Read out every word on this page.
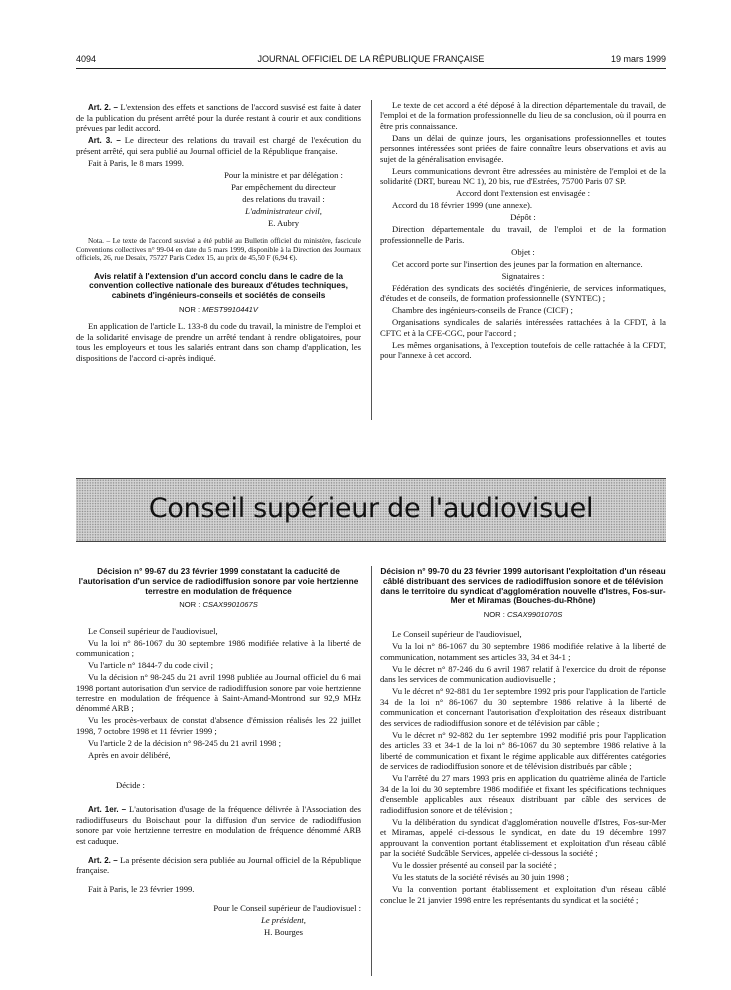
4094	JOURNAL OFFICIEL DE LA RÉPUBLIQUE FRANÇAISE	19 mars 1999

Art. 2. – L'extension des effets et sanctions de l'accord susvisé est faite à dater de la publication du présent arrêté pour la durée restant à courir et aux conditions prévues par ledit accord.

Art. 3. – Le directeur des relations du travail est chargé de l'exécution du présent arrêté, qui sera publié au Journal officiel de la République française.

Fait à Paris, le 8 mars 1999.

Pour la ministre et par délégation :

Par empêchement du directeur

des relations du travail :

L'administrateur civil,

E. Aubry

Nota. – Le texte de l'accord susvisé a été publié au Bulletin officiel du ministère, fascicule Conventions collectives n° 99-04 en date du 5 mars 1999, disponible à la Direction des Journaux officiels, 26, rue Desaix, 75727 Paris Cedex 15, au prix de 45,50 F (6,94 €).

Avis relatif à l'extension d'un accord conclu dans le cadre de la convention collective nationale des bureaux d'études techniques, cabinets d'ingénieurs-conseils et sociétés de conseils
NOR : MESТ9910441V

En application de l'article L. 133-8 du code du travail, la ministre de l'emploi et de la solidarité envisage de prendre un arrêté tendant à rendre obligatoires, pour tous les employeurs et tous les salariés entrant dans son champ d'application, les dispositions de l'accord ci-après indiqué.

Le texte de cet accord a été déposé à la direction départementale du travail, de l'emploi et de la formation professionnelle du lieu de sa conclusion, où il pourra en être pris connaissance.

Dans un délai de quinze jours, les organisations professionnelles et toutes personnes intéressées sont priées de faire connaître leurs observations et avis au sujet de la généralisation envisagée.

Leurs communications devront être adressées au ministère de l'emploi et de la solidarité (DRT, bureau NC 1), 20 bis, rue d'Estrées, 75700 Paris 07 SP.

Accord dont l'extension est envisagée :

Accord du 18 février 1999 (une annexe).

Dépôt :

Direction départementale du travail, de l'emploi et de la formation professionnelle de Paris.

Objet :

Cet accord porte sur l'insertion des jeunes par la formation en alternance.

Signataires :

Fédération des syndicats des sociétés d'ingénierie, de services informatiques, d'études et de conseils, de formation professionnelle (SYNTEC) ;

Chambre des ingénieurs-conseils de France (CICF) ;

Organisations syndicales de salariés intéressées rattachées à la CFDT, à la CFTC et à la CFE-CGC, pour l'accord ;

Les mêmes organisations, à l'exception toutefois de celle rattachée à la CFDT, pour l'annexe à cet accord.

Conseil supérieur de l'audiovisuel
Décision n° 99-67 du 23 février 1999 constatant la caducité de l'autorisation d'un service de radiodiffusion sonore par voie hertzienne terrestre en modulation de fréquence
NOR : CSAX9901067S

Le Conseil supérieur de l'audiovisuel,

Vu la loi n° 86-1067 du 30 septembre 1986 modifiée relative à la liberté de communication ;

Vu l'article n° 1844-7 du code civil ;

Vu la décision n° 98-245 du 21 avril 1998 publiée au Journal officiel du 6 mai 1998 portant autorisation d'un service de radiodiffusion sonore par voie hertzienne terrestre en modulation de fréquence à Saint-Amand-Montrond sur 92,9 MHz dénommé ARB ;

Vu les procès-verbaux de constat d'absence d'émission réalisés les 22 juillet 1998, 7 octobre 1998 et 11 février 1999 ;

Vu l'article 2 de la décision n° 98-245 du 21 avril 1998 ;

Après en avoir délibéré,

Décide :

Art. 1er. – L'autorisation d'usage de la fréquence délivrée à l'Association des radiodiffuseurs du Boischaut pour la diffusion d'un service de radiodiffusion sonore par voie hertzienne terrestre en modulation de fréquence dénommé ARB est caduque.

Art. 2. – La présente décision sera publiée au Journal officiel de la République française.

Fait à Paris, le 23 février 1999.

Pour le Conseil supérieur de l'audiovisuel :

Le président,

H. Bourges

Décision n° 99-70 du 23 février 1999 autorisant l'exploitation d'un réseau câblé distribuant des services de radiodiffusion sonore et de télévision dans le territoire du syndicat d'agglomération nouvelle d'Istres, Fos-sur-Mer et Miramas (Bouches-du-Rhône)
NOR : CSAX9901070S

Le Conseil supérieur de l'audiovisuel,

Vu la loi n° 86-1067 du 30 septembre 1986 modifiée relative à la liberté de communication, notamment ses articles 33, 34 et 34-1 ;

Vu le décret n° 87-246 du 6 avril 1987 relatif à l'exercice du droit de réponse dans les services de communication audiovisuelle ;

Vu le décret n° 92-881 du 1er septembre 1992 pris pour l'application de l'article 34 de la loi n° 86-1067 du 30 septembre 1986 relative à la liberté de communication et concernant l'autorisation d'exploitation des réseaux distribuant des services de radiodiffusion sonore et de télévision par câble ;

Vu le décret n° 92-882 du 1er septembre 1992 modifié pris pour l'application des articles 33 et 34-1 de la loi n° 86-1067 du 30 septembre 1986 relative à la liberté de communication et fixant le régime applicable aux différentes catégories de services de radiodiffusion sonore et de télévision distribués par câble ;

Vu l'arrêté du 27 mars 1993 pris en application du quatrième alinéa de l'article 34 de la loi du 30 septembre 1986 modifiée et fixant les spécifications techniques d'ensemble applicables aux réseaux distribuant par câble des services de radiodiffusion sonore et de télévision ;

Vu la délibération du syndicat d'agglomération nouvelle d'Istres, Fos-sur-Mer et Miramas, appelé ci-dessous le syndicat, en date du 19 décembre 1997 approuvant la convention portant établissement et exploitation d'un réseau câblé par la société Sudcâble Services, appelée ci-dessous la société ;

Vu le dossier présenté au conseil par la société ;

Vu les statuts de la société révisés au 30 juin 1998 ;

Vu la convention portant établissement et exploitation d'un réseau câblé conclue le 21 janvier 1998 entre les représentants du syndicat et la société ;
